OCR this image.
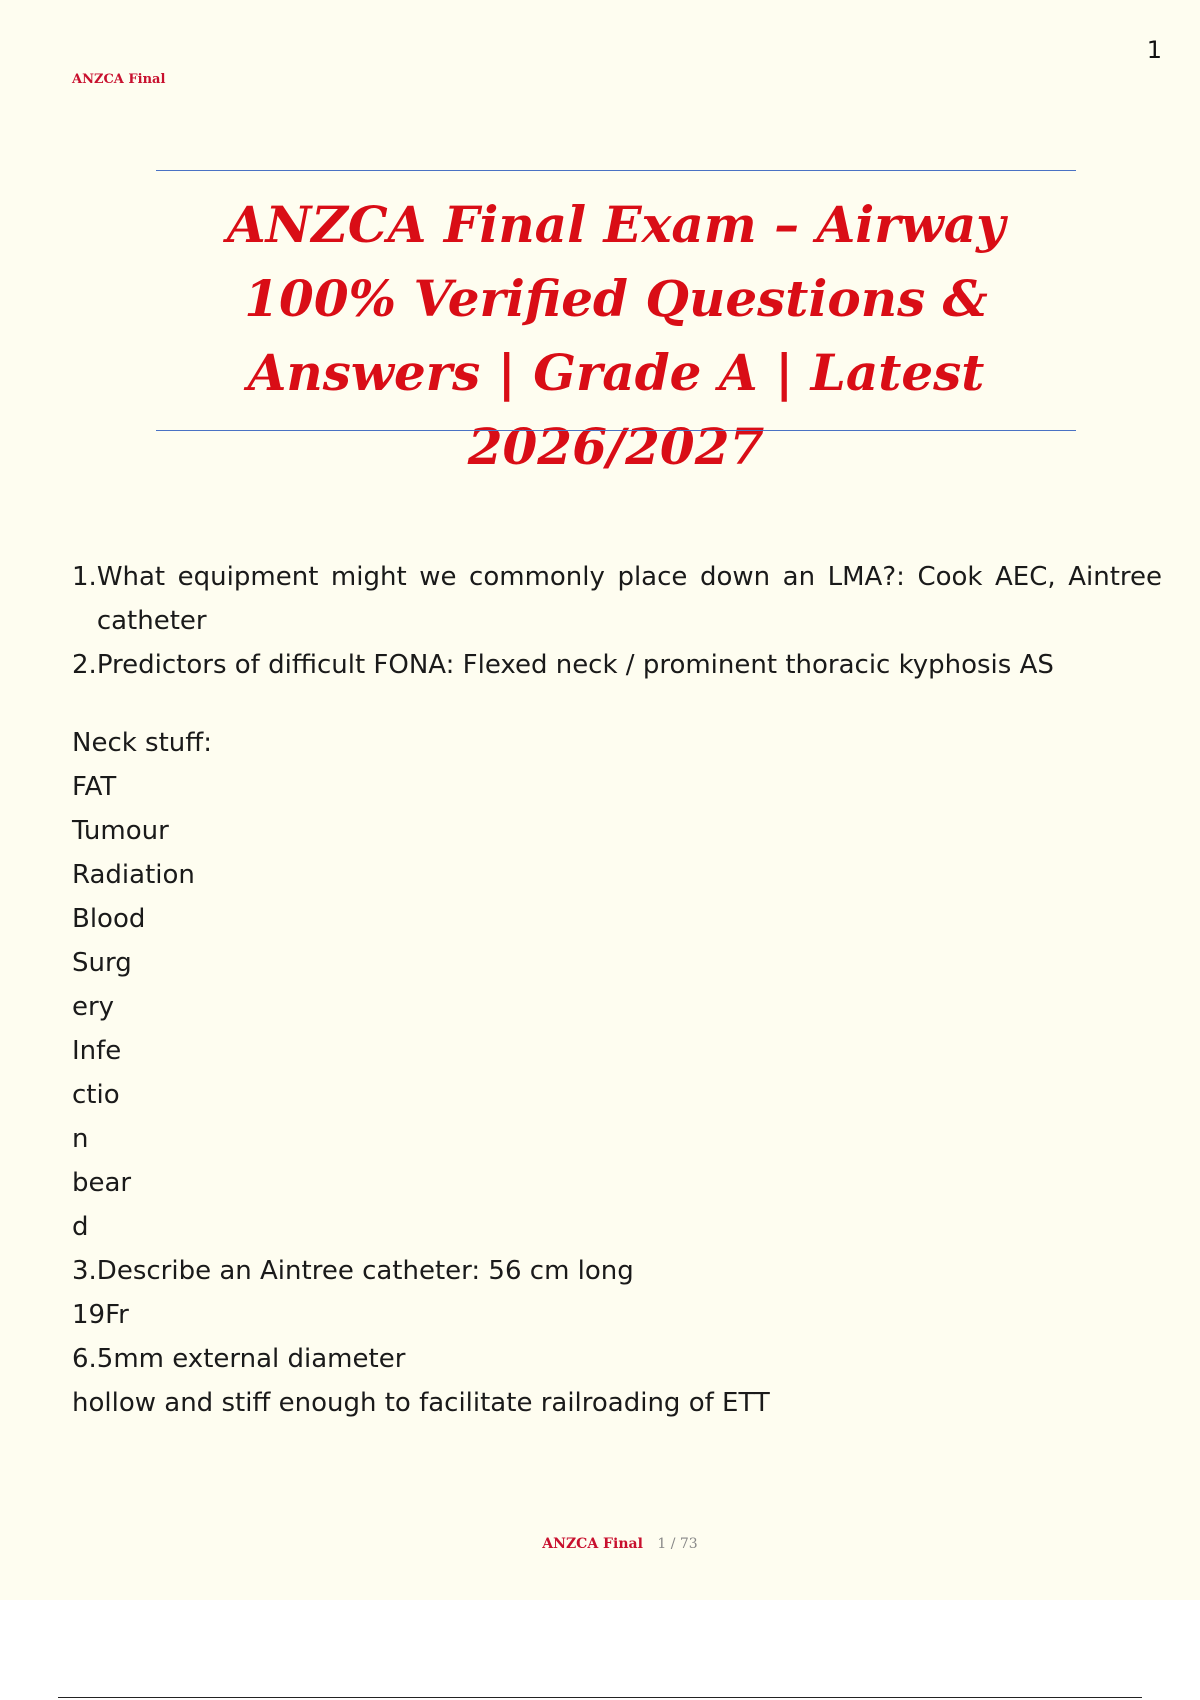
1
ANZCA Final
ANZCA Final Exam – Airway 100% Verified Questions & Answers | Grade A | Latest 2026/2027
1. What equipment might we commonly place down an LMA?: Cook AEC, Aintree catheter
2. Predictors of difficult FONA: Flexed neck / prominent thoracic kyphosis AS
Neck stuff:
FAT
Tumour
Radiation
Blood
Surg
ery
Infe
ctio
n
bear
d
3.Describe an Aintree catheter: 56 cm long
19Fr
6.5mm external diameter
hollow and stiff enough to facilitate railroading of ETT
ANZCA Final 1 / 73
